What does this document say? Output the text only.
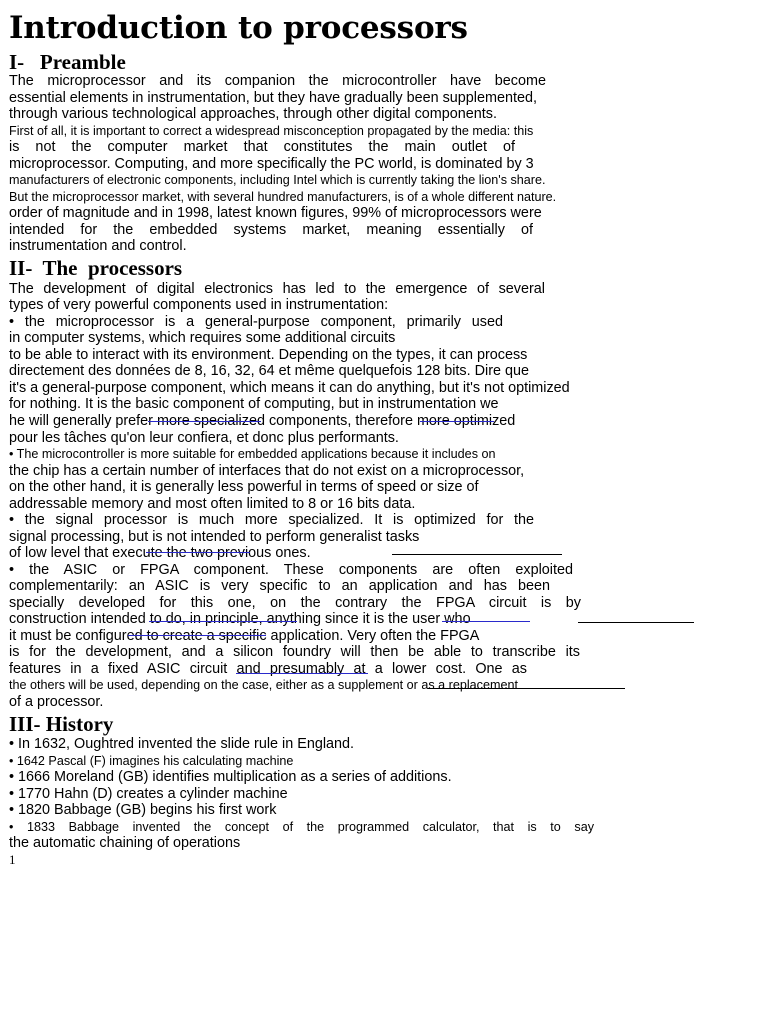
Introduction to processors
I-   Preamble
The microprocessor and its companion the microcontroller have become
essential elements in instrumentation, but they have gradually been supplemented,
through various technological approaches, through other digital components.
First of all, it is important to correct a widespread misconception propagated by the media: this
is not the computer market that constitutes the main outlet of
microprocessor. Computing, and more specifically the PC world, is dominated by 3
manufacturers of electronic components, including Intel which is currently taking the lion's share.
But the microprocessor market, with several hundred manufacturers, is of a whole different nature.
order of magnitude and in 1998, latest known figures, 99% of microprocessors were
intended for the embedded systems market, meaning essentially of
instrumentation and control.
II-  The  processors
The development of digital electronics has led to the emergence of several
types of very powerful components used in instrumentation:
• the microprocessor is a general-purpose component, primarily used
in computer systems, which requires some additional circuits
to be able to interact with its environment. Depending on the types, it can process
directement des données de 8, 16, 32, 64 et même quelquefois 128 bits. Dire que
it's a general-purpose component, which means it can do anything, but it's not optimized
for nothing. It is the basic component of computing, but in instrumentation we
he will generally prefer more specialized components, therefore more optimized
pour les tâches qu'on leur confiera, et donc plus performants.
• The microcontroller is more suitable for embedded applications because it includes on
the chip has a certain number of interfaces that do not exist on a microprocessor,
on the other hand, it is generally less powerful in terms of speed or size of
addressable memory and most often limited to 8 or 16 bits data.
• the signal processor is much more specialized. It is optimized for the
signal processing, but is not intended to perform generalist tasks
of low level that execute the two previous ones.
• the ASIC or FPGA component. These components are often exploited
complementarily: an ASIC is very specific to an application and has been
specially developed for this one, on the contrary the FPGA circuit is by
construction intended to do, in principle, anything since it is the user who
it must be configured to create a specific application. Very often the FPGA
is for the development, and a silicon foundry will then be able to transcribe its
features in a fixed ASIC circuit and presumably at a lower cost. One as
the others will be used, depending on the case, either as a supplement or as a replacement
of a processor.
III- History
• In 1632, Oughtred invented the slide rule in England.
• 1642 Pascal (F) imagines his calculating machine
• 1666 Moreland (GB) identifies multiplication as a series of additions.
• 1770 Hahn (D) creates a cylinder machine
• 1820 Babbage (GB) begins his first work
• 1833 Babbage invented the concept of the programmed calculator, that is to say
the automatic chaining of operations
1
